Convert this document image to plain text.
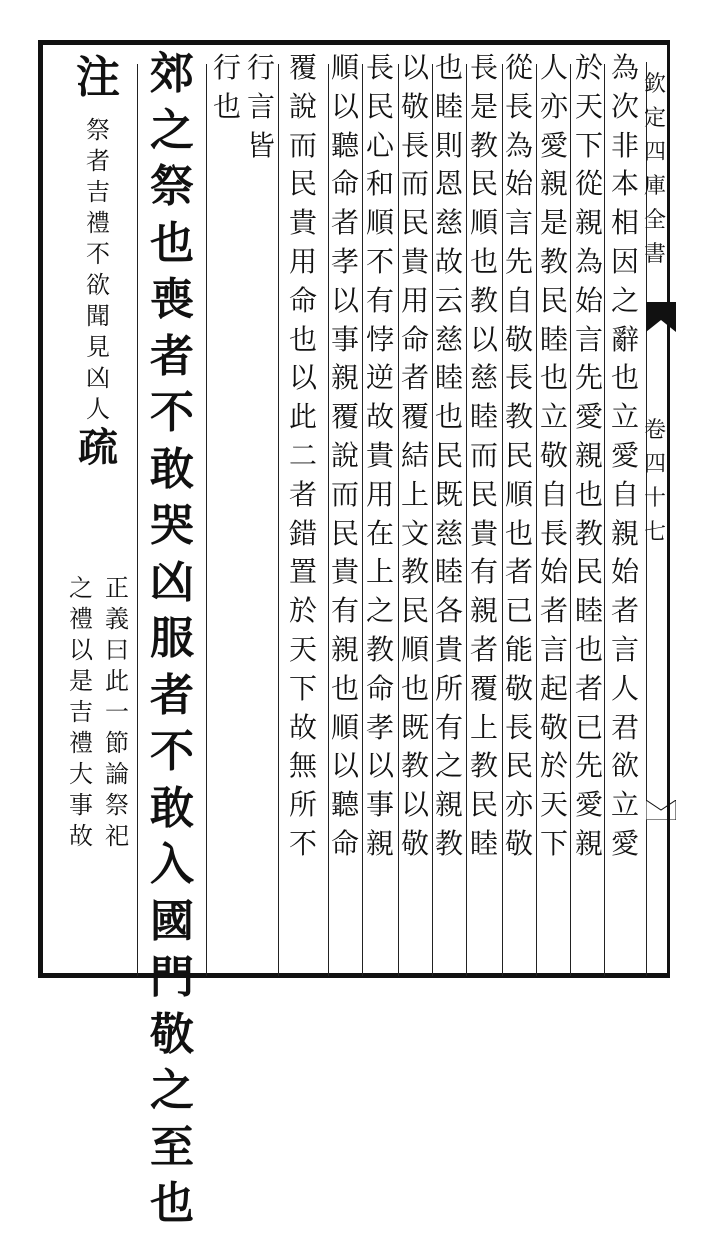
欽
定
四
庫
全
書
卷
四
十
七
為
次
非
本
相
因
之
辭
也
立
愛
自
親
始
者
言
人
君
欲
立
愛
於
天
下
從
親
為
始
言
先
愛
親
也
教
民
睦
也
者
已
先
愛
親
人
亦
愛
親
是
教
民
睦
也
立
敬
自
長
始
者
言
起
敬
於
天
下
從
長
為
始
言
先
自
敬
長
教
民
順
也
者
已
能
敬
長
民
亦
敬
長
是
教
民
順
也
教
以
慈
睦
而
民
貴
有
親
者
覆
上
教
民
睦
也
睦
則
恩
慈
故
云
慈
睦
也
民
既
慈
睦
各
貴
所
有
之
親
教
以
敬
長
而
民
貴
用
命
者
覆
結
上
文
教
民
順
也
既
教
以
敬
長
民
心
和
順
不
有
悖
逆
故
貴
用
在
上
之
教
命
孝
以
事
親
順
以
聽
命
者
孝
以
事
親
覆
說
而
民
貴
有
親
也
順
以
聽
命
覆
說
而
民
貴
用
命
也
以
此
二
者
錯
置
於
天
下
故
無
所
不
行
言
皆
行
也
郊
之
祭
也
喪
者
不
敢
哭
凶
服
者
不
敢
入
國
門
敬
之
至
也
注
祭
者
吉
禮
不
欲
聞
見
凶
人
疏
正
義
曰
此
一
節
論
祭
祀
之
禮
以
是
吉
禮
大
事
故
